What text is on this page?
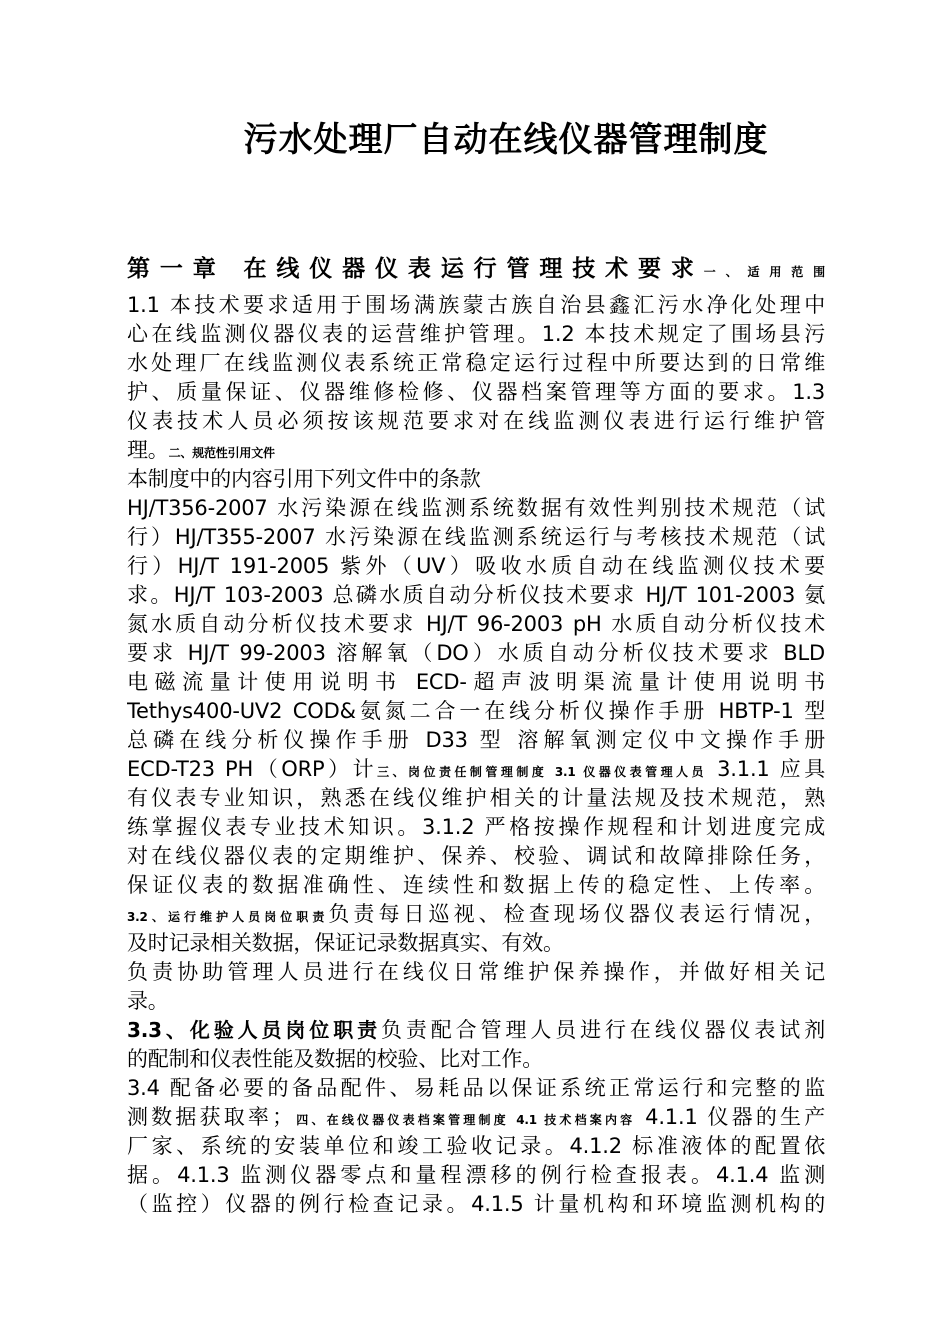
污水处理厂自动在线仪器管理制度
第一章 在线仪器仪表运行管理技术要求一、适用范围
1.1 本技术要求适用于围场满族蒙古族自治县鑫汇污水净化处理中
心在线监测仪器仪表的运营维护管理。1.2 本技术规定了围场县污
水处理厂在线监测仪表系统正常稳定运行过程中所要达到的日常维
护、质量保证、仪器维修检修、仪器档案管理等方面的要求。1.3
仪表技术人员必须按该规范要求对在线监测仪表进行运行维护管
理。二、规范性引用文件
本制度中的内容引用下列文件中的条款
HJ/T356-2007 水污染源在线监测系统数据有效性判别技术规范（试
行）HJ/T355-2007 水污染源在线监测系统运行与考核技术规范（试
行）HJ/T 191-2005 紫外（UV）吸收水质自动在线监测仪技术要
求。HJ/T 103-2003 总磷水质自动分析仪技术要求 HJ/T 101-2003 氨
氮水质自动分析仪技术要求 HJ/T 96-2003 pH 水质自动分析仪技术
要求 HJ/T 99-2003 溶解氧（DO）水质自动分析仪技术要求 BLD
电磁流量计使用说明书 ECD-超声波明渠流量计使用说明书
Tethys400-UV2 COD&氨氮二合一在线分析仪操作手册 HBTP-1 型
总磷在线分析仪操作手册 D33 型 溶解氧测定仪中文操作手册
ECD-T23 PH（ORP）计三、岗位责任制管理制度 3.1 仪器仪表管理人员 3.1.1 应具
有仪表专业知识，熟悉在线仪维护相关的计量法规及技术规范，熟
练掌握仪表专业技术知识。3.1.2 严格按操作规程和计划进度完成
对在线仪器仪表的定期维护、保养、校验、调试和故障排除任务，
保证仪表的数据准确性、连续性和数据上传的稳定性、上传率。
3.2、运行维护人员岗位职责负责每日巡视、检查现场仪器仪表运行情况，
及时记录相关数据，保证记录数据真实、有效。
负责协助管理人员进行在线仪日常维护保养操作，并做好相关记
录。
3.3、化验人员岗位职责负责配合管理人员进行在线仪器仪表试剂
的配制和仪表性能及数据的校验、比对工作。
3.4 配备必要的备品配件、易耗品以保证系统正常运行和完整的监
测数据获取率；四、在线仪器仪表档案管理制度 4.1 技术档案内容 4.1.1 仪器的生产
厂家、系统的安装单位和竣工验收记录。4.1.2 标准液体的配置依
据。4.1.3 监测仪器零点和量程漂移的例行检查报表。4.1.4 监测
（监控）仪器的例行检查记录。4.1.5 计量机构和环境监测机构的
